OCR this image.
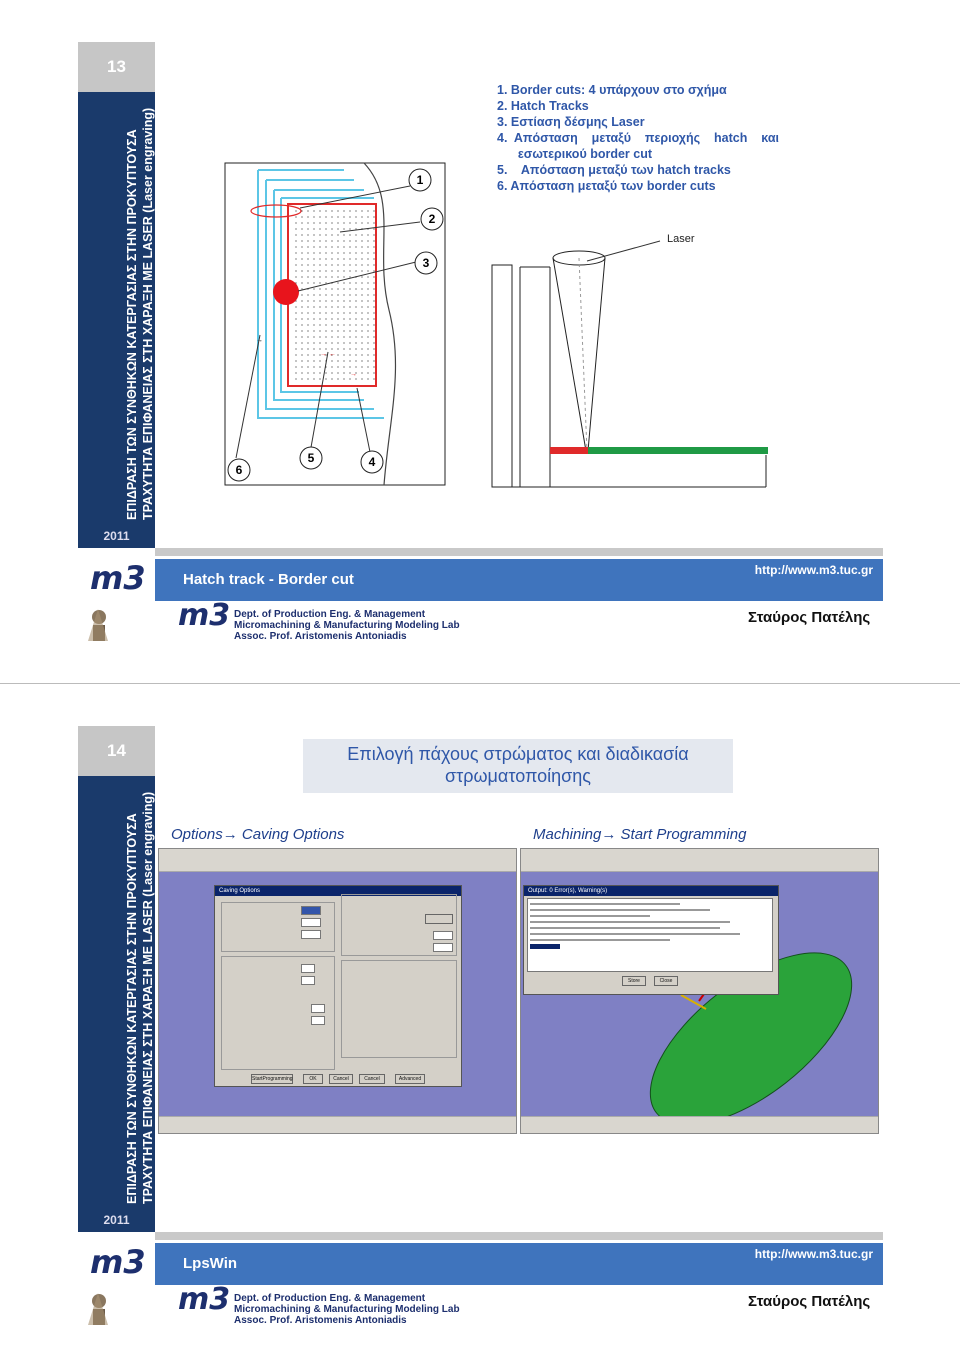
13
ΕΠΙΔΡΑΣΗ ΤΩΝ ΣΥΝΘΗΚΩΝ ΚΑΤΕΡΓΑΣΙΑΣ ΣΤΗΝ ΠΡΟΚΥΠΤΟΥΣΑ ΤΡΑΧΥΤΗΤΑ ΕΠΙΦΑΝΕΙΑΣ ΣΤΗ ΧΑΡΑΞΗ ΜΕ LASER (Laser engraving)
2011
1. Border cuts: 4 υπάρχουν στο σχήμα
2. Hatch Tracks
3. Εστίαση δέσμης Laser
4.  Απόσταση    μεταξύ    περιοχής    hatch    και
εσωτερικού border cut
5.    Απόσταση μεταξύ των hatch tracks
6. Απόσταση μεταξύ των border cuts
→ ←
→
→
1
2
3
4
5
6
Laser
m3 Hatch track - Border cut
http://www.m3.tuc.gr
m3 Dept. of Production Eng. & Management
Micromachining & Manufacturing Modeling Lab
Assoc. Prof. Aristomenis Antoniadis
Σταύρος Πατέλης
14
ΕΠΙΔΡΑΣΗ ΤΩΝ ΣΥΝΘΗΚΩΝ ΚΑΤΕΡΓΑΣΙΑΣ ΣΤΗΝ ΠΡΟΚΥΠΤΟΥΣΑ ΤΡΑΧΥΤΗΤΑ ΕΠΙΦΑΝΕΙΑΣ ΣΤΗ ΧΑΡΑΞΗ ΜΕ LASER (Laser engraving)
2011
Επιλογή πάχους στρώματος και διαδικασία
στρωματοποίησης
Options→ Caving Options	Machining→ Start Programming
Caving Options
StartProgramming	OK	Cancel	Cancel	Advanced
Output: 0 Error(s), Warning(s)
Store	Close
m3 LpsWin
http://www.m3.tuc.gr
m3 Dept. of Production Eng. & Management
Micromachining & Manufacturing Modeling Lab
Assoc. Prof. Aristomenis Antoniadis
Σταύρος Πατέλης
